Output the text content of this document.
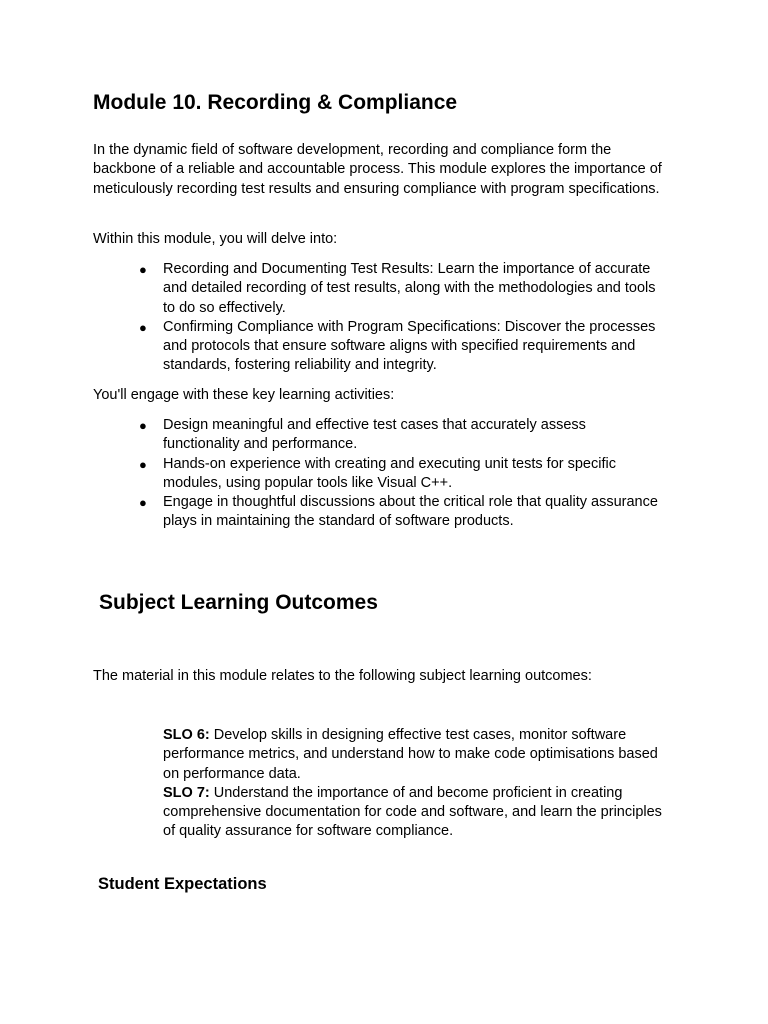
Module 10. Recording & Compliance

In the dynamic field of software development, recording and compliance form the backbone of a reliable and accountable process. This module explores the importance of meticulously recording test results and ensuring compliance with program specifications.

Within this module, you will delve into:

● Recording and Documenting Test Results: Learn the importance of accurate and detailed recording of test results, along with the methodologies and tools to do so effectively.
● Confirming Compliance with Program Specifications: Discover the processes and protocols that ensure software aligns with specified requirements and standards, fostering reliability and integrity.

You'll engage with these key learning activities:

● Design meaningful and effective test cases that accurately assess functionality and performance.
● Hands-on experience with creating and executing unit tests for specific modules, using popular tools like Visual C++.
● Engage in thoughtful discussions about the critical role that quality assurance plays in maintaining the standard of software products.
Subject Learning Outcomes

The material in this module relates to the following subject learning outcomes:

SLO 6: Develop skills in designing effective test cases, monitor software performance metrics, and understand how to make code optimisations based on performance data.
SLO 7: Understand the importance of and become proficient in creating comprehensive documentation for code and software, and learn the principles of quality assurance for software compliance.
Student Expectations
